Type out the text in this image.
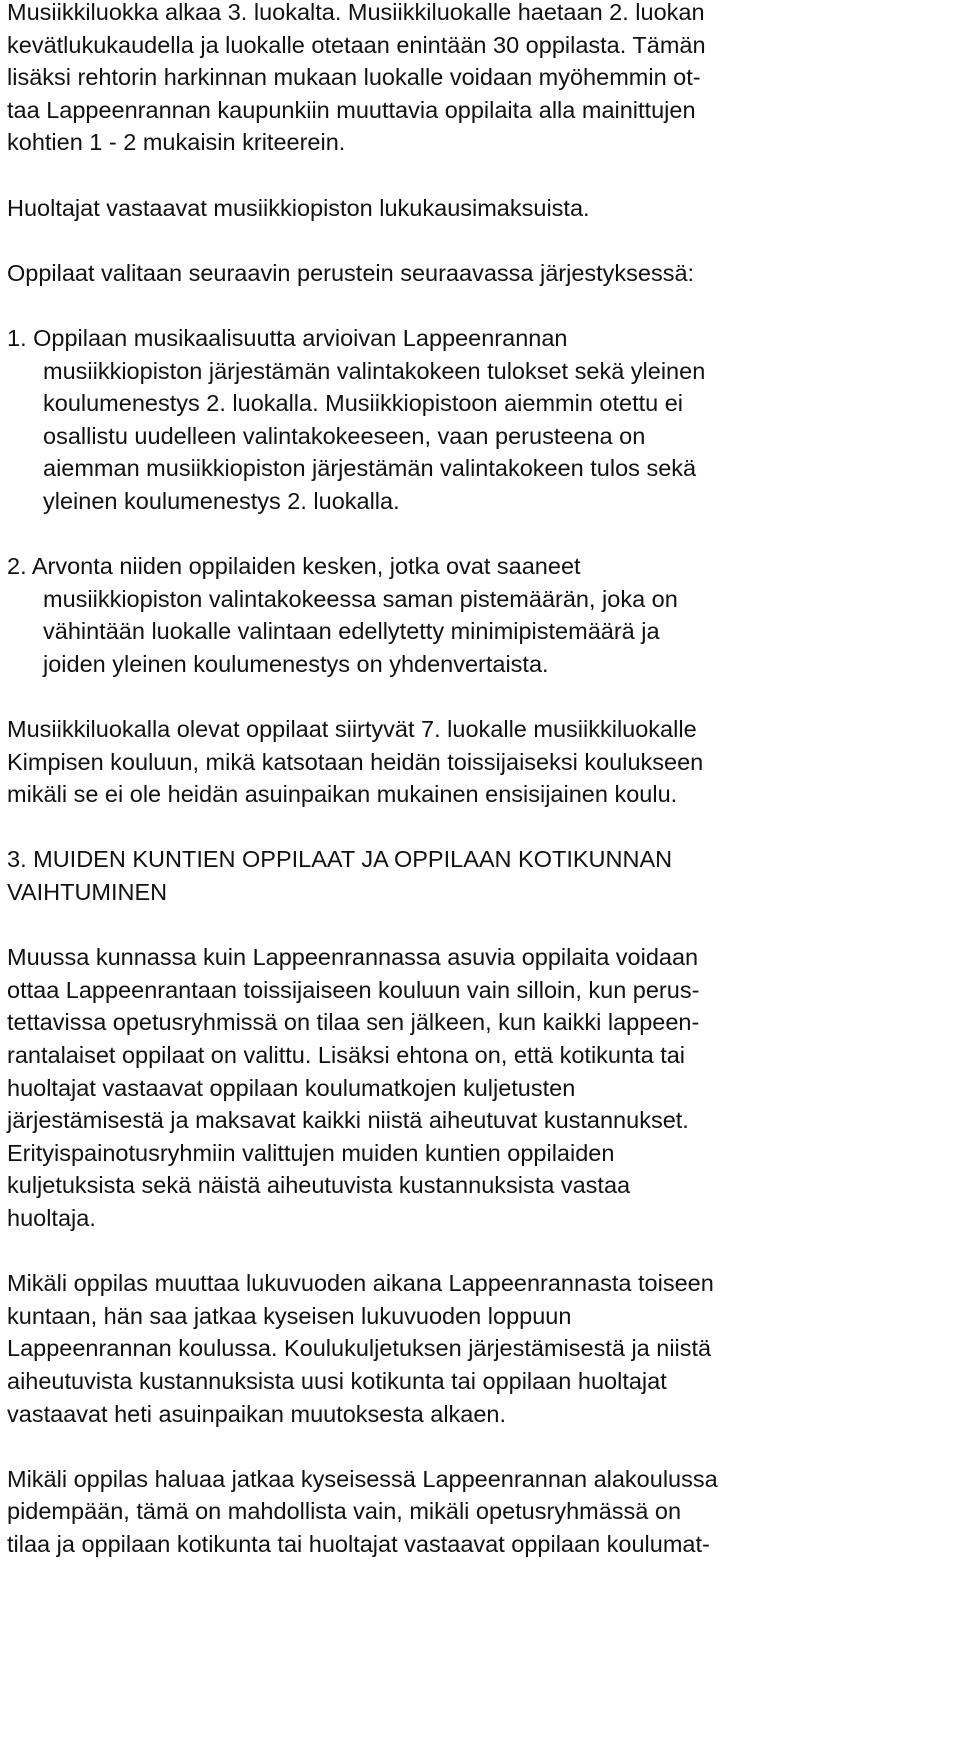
Musiikkiluokka alkaa 3. luokalta. Musiikkiluokalle haetaan 2. luokan
kevätlukukaudella ja luokalle otetaan enintään 30 oppilasta. Tämän
lisäksi rehtorin harkinnan mukaan luokalle voidaan myöhemmin ot-
taa Lappeenrannan kaupunkiin muuttavia oppilaita alla mainittujen
kohtien 1 - 2 mukaisin kriteerein.
Huoltajat vastaavat musiikkiopiston lukukausimaksuista.
Oppilaat valitaan seuraavin perustein seuraavassa järjestyksessä:
1. Oppilaan musikaalisuutta arvioivan Lappeenrannan
musiikkiopiston järjestämän valintakokeen tulokset sekä yleinen
koulumenestys 2. luokalla. Musiikkiopistoon aiemmin otettu ei
osallistu uudelleen valintakokeeseen, vaan perusteena on
aiemman musiikkiopiston järjestämän valintakokeen tulos sekä
yleinen koulumenestys 2. luokalla.
2. Arvonta niiden oppilaiden kesken, jotka ovat saaneet
musiikkiopiston valintakokeessa saman pistemäärän, joka on
vähintään luokalle valintaan edellytetty minimipistemäärä ja
joiden yleinen koulumenestys on yhdenvertaista.
Musiikkiluokalla olevat oppilaat siirtyvät 7. luokalle musiikkiluokalle
Kimpisen kouluun, mikä katsotaan heidän toissijaiseksi koulukseen
mikäli se ei ole heidän asuinpaikan mukainen ensisijainen koulu.
3. MUIDEN KUNTIEN OPPILAAT JA OPPILAAN KOTIKUNNAN
VAIHTUMINEN
Muussa kunnassa kuin Lappeenrannassa asuvia oppilaita voidaan
ottaa Lappeenrantaan toissijaiseen kouluun vain silloin, kun perus-
tettavissa opetusryhmissä on tilaa sen jälkeen, kun kaikki lappeen-
rantalaiset oppilaat on valittu. Lisäksi ehtona on, että kotikunta tai
huoltajat vastaavat oppilaan koulumatkojen kuljetusten
järjestämisestä ja maksavat kaikki niistä aiheutuvat kustannukset.
Erityispainotusryhmiin valittujen muiden kuntien oppilaiden
kuljetuksista sekä näistä aiheutuvista kustannuksista vastaa
huoltaja.
Mikäli oppilas muuttaa lukuvuoden aikana Lappeenrannasta toiseen
kuntaan, hän saa jatkaa kyseisen lukuvuoden loppuun
Lappeenrannan koulussa. Koulukuljetuksen järjestämisestä ja niistä
aiheutuvista kustannuksista uusi kotikunta tai oppilaan huoltajat
vastaavat heti asuinpaikan muutoksesta alkaen.
Mikäli oppilas haluaa jatkaa kyseisessä Lappeenrannan alakoulussa
pidempään, tämä on mahdollista vain, mikäli opetusryhmässä on
tilaa ja oppilaan kotikunta tai huoltajat vastaavat oppilaan koulumat-
